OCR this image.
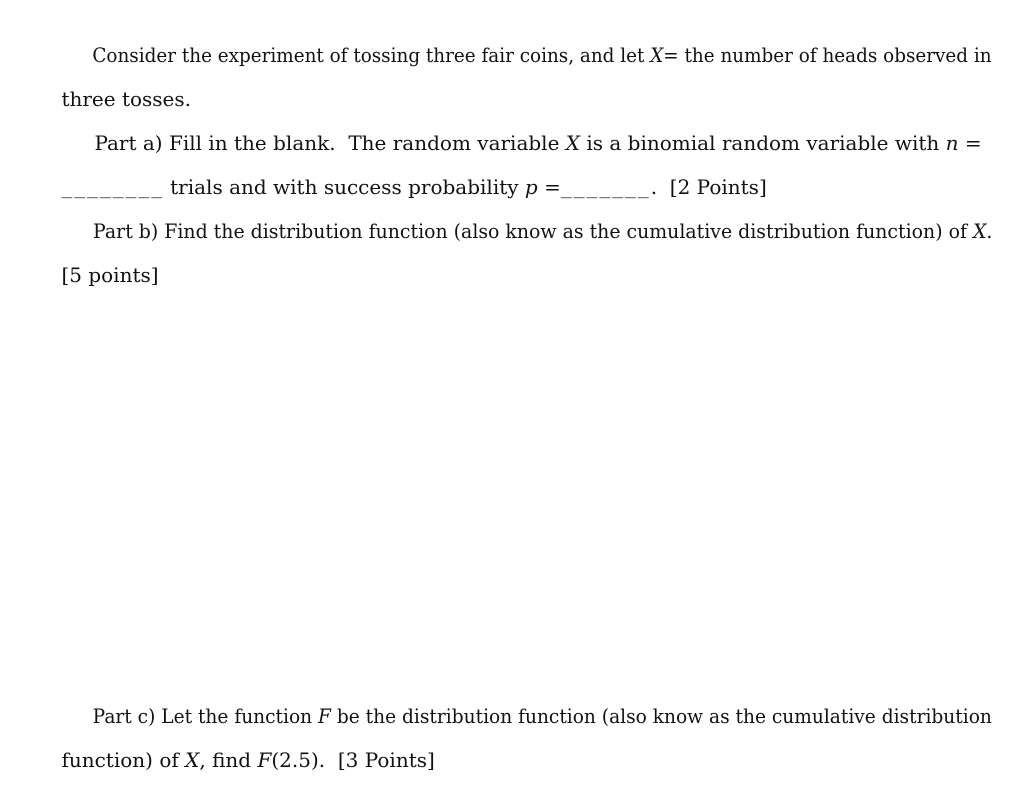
Consider the experiment of tossing three fair coins, and let X= the number of heads observed in

three tosses.

Part a) Fill in the blank.  The random variable X is a binomial random variable with n =

________ trials and with success probability p =_______.  [2 Points]

Part b) Find the distribution function (also know as the cumulative distribution function) of X.

[5 points]

Part c) Let the function F be the distribution function (also know as the cumulative distribution

function) of X, find F(2.5).  [3 Points]
